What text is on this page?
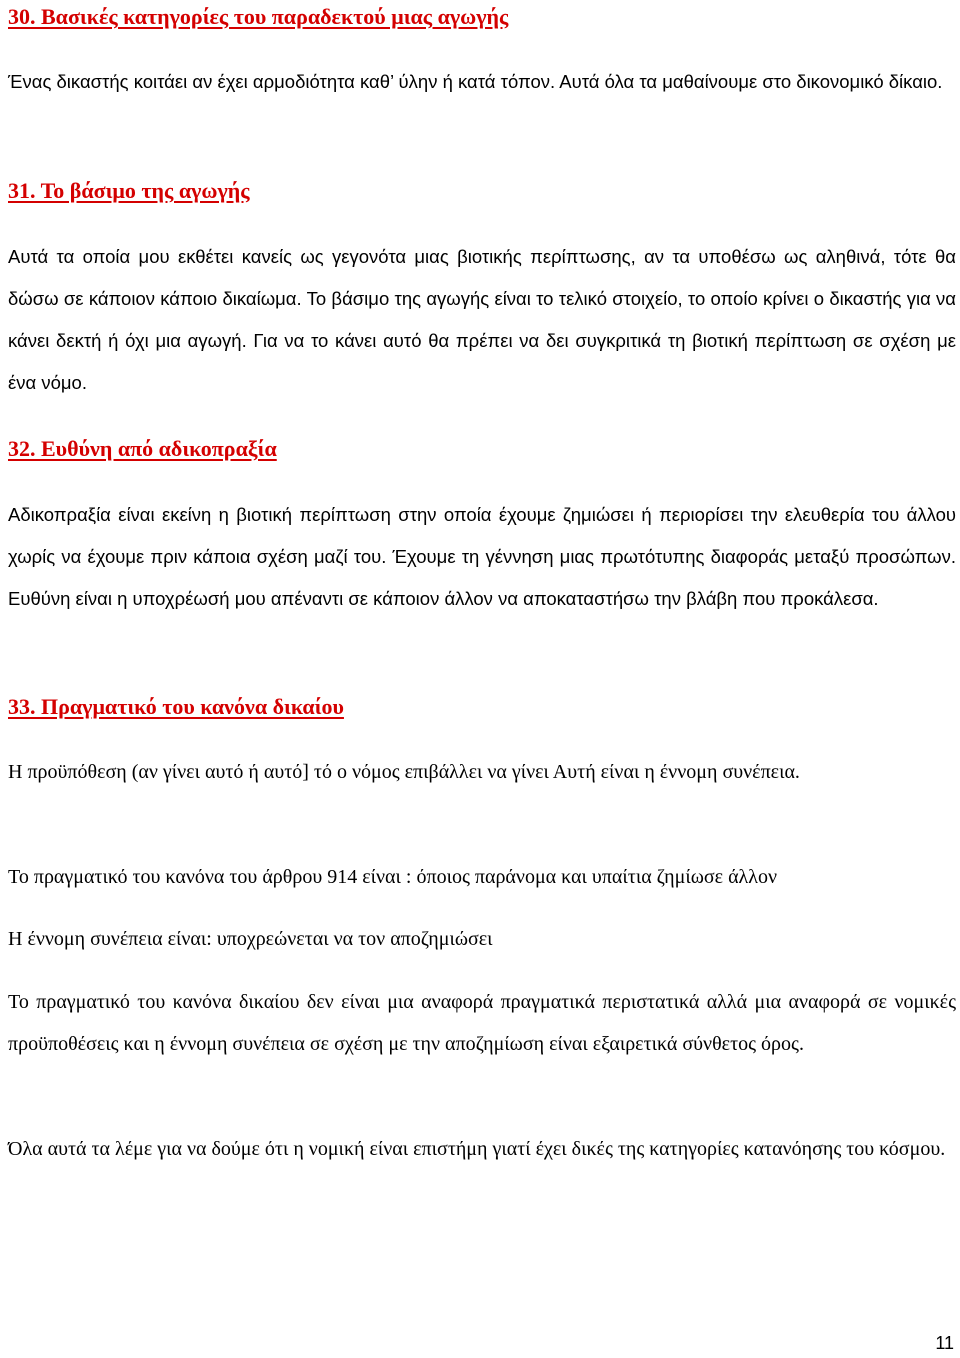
30. Βασικές κατηγορίες του παραδεκτού μιας αγωγής

Ένας δικαστής κοιτάει αν έχει αρμοδιότητα καθ’ ύλην ή κατά τόπον. Αυτά όλα τα μαθαίνουμε στο δικονομικό δίκαιο.

31. Το βάσιμο της αγωγής

Αυτά τα οποία μου εκθέτει κανείς ως γεγονότα μιας βιοτικής περίπτωσης, αν τα υποθέσω ως αληθινά, τότε θα δώσω σε κάποιον κάποιο δικαίωμα. Το βάσιμο της αγωγής είναι το τελικό στοιχείο, το οποίο κρίνει ο δικαστής για να κάνει δεκτή ή όχι μια αγωγή. Για να το κάνει αυτό θα πρέπει να δει συγκριτικά τη βιοτική περίπτωση σε σχέση με ένα νόμο.

32. Ευθύνη από αδικοπραξία

Αδικοπραξία είναι εκείνη η βιοτική περίπτωση στην οποία έχουμε ζημιώσει ή περιορίσει την ελευθερία του άλλου χωρίς να έχουμε πριν κάποια σχέση μαζί του. Έχουμε τη γέννηση μιας πρωτότυπης διαφοράς μεταξύ προσώπων. Ευθύνη είναι η υποχρέωσή μου απέναντι σε κάποιον άλλον να αποκαταστήσω την βλάβη που προκάλεσα.

33. Πραγματικό του κανόνα δικαίου

Η προϋπόθεση (αν γίνει αυτό ή αυτό] τό ο νόμος επιβάλλει να γίνει Αυτή είναι η έννομη συνέπεια.

Το πραγματικό του κανόνα του άρθρου 914 είναι : όποιος παράνομα και υπαίτια ζημίωσε άλλον

Η έννομη συνέπεια είναι: υποχρεώνεται να τον αποζημιώσει

Το πραγματικό του κανόνα δικαίου δεν είναι μια αναφορά πραγματικά περιστατικά αλλά μια αναφορά σε νομικές προϋποθέσεις και η έννομη συνέπεια σε σχέση με την αποζημίωση είναι εξαιρετικά σύνθετος όρος.

Όλα αυτά τα λέμε για να δούμε ότι η νομική είναι επιστήμη γιατί έχει δικές της κατηγορίες κατανόησης του κόσμου.

11
